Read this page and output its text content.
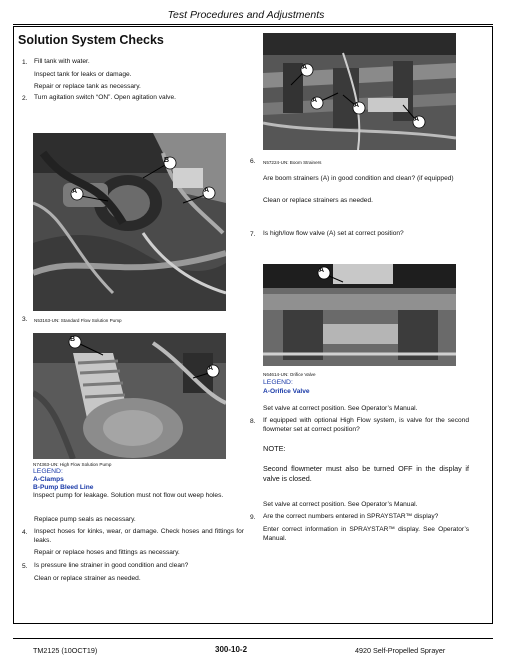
Test Procedures and Adjustments
Solution System Checks
1. Fill tank with water.
Inspect tank for leaks or damage.
Repair or replace tank as necessary.
2. Turn agitation switch “ON”. Open agitation valve.
B
A	A
3. N53163-UN: Standard Flow Solution Pump
B
A
N74363-UN: High Flow Solution Pump
LEGEND:
A-Clamps
B-Pump Bleed Line
Inspect pump for leakage. Solution must not flow out weep holes.
Replace pump seals as necessary.
4. Inspect hoses for kinks, wear, or damage. Check hoses and fittings for leaks.
Repair or replace hoses and fittings as necessary.
5. Is pressure line strainer in good condition and clean?
Clean or replace strainer as needed.
A
A
A
A
6. N57224-UN: Boom Strainers
Are boom strainers (A) in good condition and clean? (if equipped)
Clean or replace strainers as needed.
7. Is high/low flow valve (A) set at correct position?
A
N64614-UN: Orifice Valve
LEGEND:
A-Orifice Valve
Set valve at correct position. See Operator’s Manual.
8. If equipped with optional High Flow system, is valve for the second flowmeter set at correct position?
NOTE:
Second flowmeter must also be turned OFF in the display if valve is closed.
Set valve at correct position. See Operator’s Manual.
9. Are the correct numbers entered in SPRAYSTAR™ display?
Enter correct information in SPRAYSTAR™ display. See Operator’s Manual.
TM2125 (10OCT19)	300-10-2	4920 Self-Propelled Sprayer
